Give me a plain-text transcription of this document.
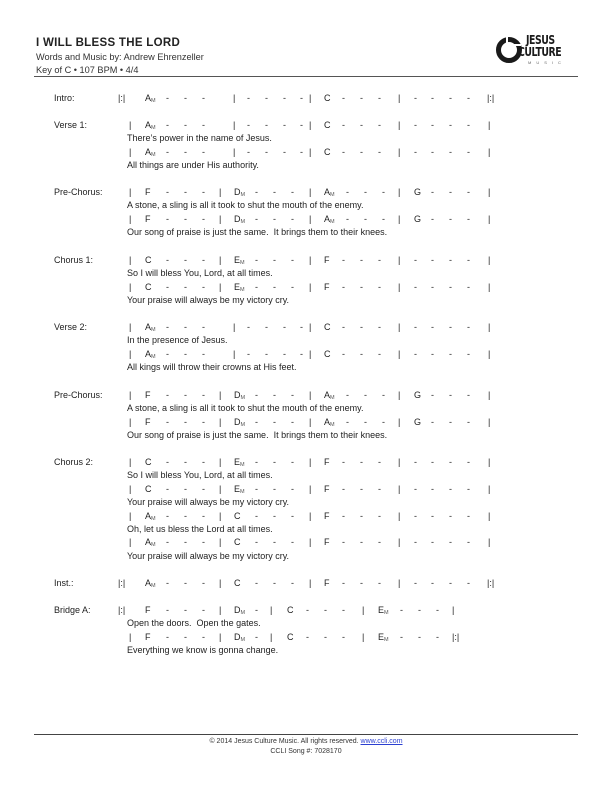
I WILL BLESS THE LORD
Words and Music by: Andrew Ehrenzeller
Key of C • 107 BPM • 4/4
JESUS
CULTURE
MUSIC
Intro:	|:| $A_M$ - - -	| - - - - | C - - - | - - - - |:|
Verse 1:	| $A_M$ - - -	| - - - - | C - - - | - - - - |
There’s power in the name of Jesus.
| $A_M$ - - -	| - - - - | C - - - | - - - - |
All things are under His authority.
Pre-Chorus:	| F - - - | $D_M$ - - - | $A_M$ - - - | G - - - |
A stone, a sling is all it took to shut the mouth of the enemy.
| F - - - | $D_M$ - - - | $A_M$ - - - | G - - - |
Our song of praise is just the same.  It brings them to their knees.
Chorus 1:	| C - - - | $E_M$ - - - | F - - - | - - - - |
So I will bless You, Lord, at all times.
| C - - - | $E_M$ - - - | F - - - | - - - - |
Your praise will always be my victory cry.
Verse 2:	| $A_M$ - - -	| - - - - | C - - - | - - - - |
In the presence of Jesus.
| $A_M$ - - -	| - - - - | C - - - | - - - - |
All kings will throw their crowns at His feet.
Pre-Chorus:	| F - - - | $D_M$ - - - | $A_M$ - - - | G - - - |
A stone, a sling is all it took to shut the mouth of the enemy.
| F - - - | $D_M$ - - - | $A_M$ - - - | G - - - |
Our song of praise is just the same.  It brings them to their knees.
Chorus 2:	| C - - - | $E_M$ - - - | F - - - | - - - - |
So I will bless You, Lord, at all times.
| C - - - | $E_M$ - - - | F - - - | - - - - |
Your praise will always be my victory cry.
| $A_M$ - - - | C - - - | F - - - | - - - - |
Oh, let us bless the Lord at all times.
| $A_M$ - - - | C - - - | F - - - | - - - - |
Your praise will always be my victory cry.
Inst.:	|:| $A_M$ - - - | C - - - | F - - - | - - - - |:|
Bridge A:	|:| F - - - | $D_M$ - | C - - - | $E_M$ - - - |
Open the doors.  Open the gates.
| F - - - | $D_M$ - | C - - - | $E_M$ - - - |:|
Everything we know is gonna change.
© 2014 Jesus Culture Music. All rights reserved. www.ccli.com
CCLI Song #: 7028170
